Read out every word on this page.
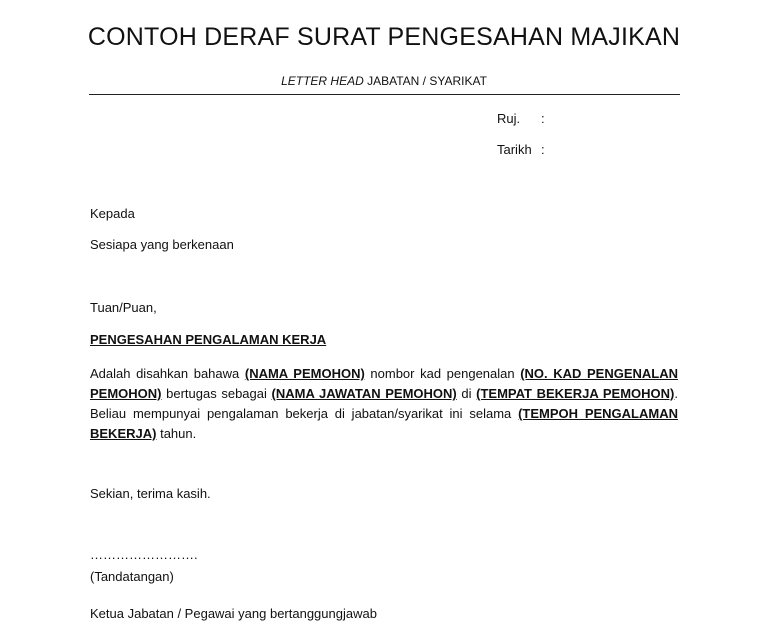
CONTOH DERAF SURAT PENGESAHAN MAJIKAN
LETTER HEAD JABATAN / SYARIKAT
Ruj. :
Tarikh :
Kepada
Sesiapa yang berkenaan
Tuan/Puan,
PENGESAHAN PENGALAMAN KERJA
Adalah disahkan bahawa (NAMA PEMOHON) nombor kad pengenalan (NO. KAD PENGENALAN
PEMOHON) bertugas sebagai (NAMA JAWATAN PEMOHON) di (TEMPAT BEKERJA PEMOHON).
Beliau mempunyai pengalaman bekerja di jabatan/syarikat ini selama (TEMPOH PENGALAMAN
BEKERJA) tahun.
Sekian, terima kasih.
…………………….
(Tandatangan)
Ketua Jabatan / Pegawai yang bertanggungjawab
